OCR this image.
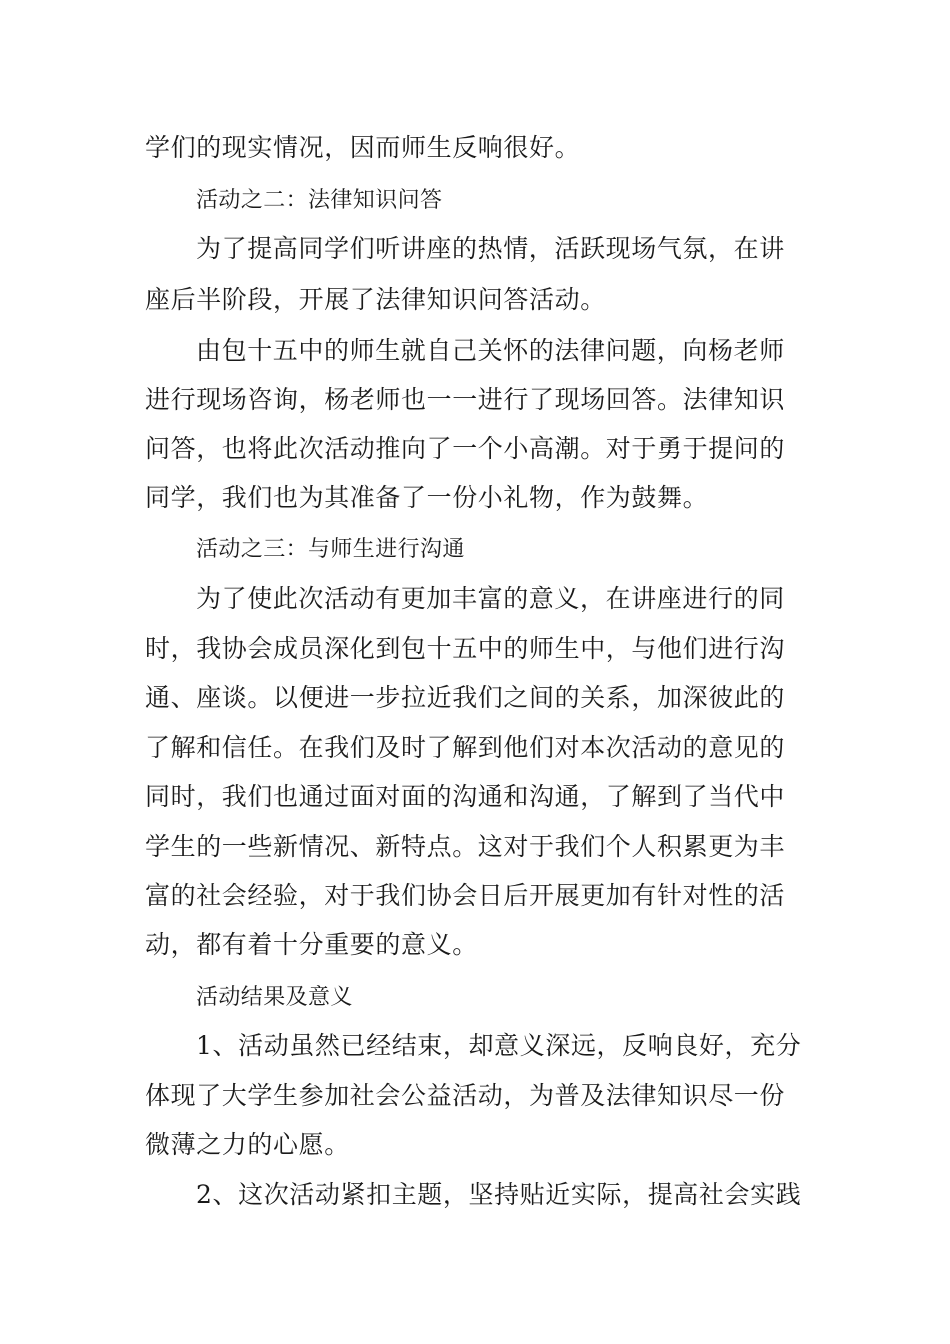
学们的现实情况，因而师生反响很好。
活动之二：法律知识问答
为了提高同学们听讲座的热情，活跃现场气氛，在讲
座后半阶段，开展了法律知识问答活动。
由包十五中的师生就自己关怀的法律问题，向杨老师
进行现场咨询，杨老师也一一进行了现场回答。法律知识
问答，也将此次活动推向了一个小高潮。对于勇于提问的
同学，我们也为其准备了一份小礼物，作为鼓舞。
活动之三：与师生进行沟通
为了使此次活动有更加丰富的意义，在讲座进行的同
时，我协会成员深化到包十五中的师生中，与他们进行沟
通、座谈。以便进一步拉近我们之间的关系，加深彼此的
了解和信任。在我们及时了解到他们对本次活动的意见的
同时，我们也通过面对面的沟通和沟通，了解到了当代中
学生的一些新情况、新特点。这对于我们个人积累更为丰
富的社会经验，对于我们协会日后开展更加有针对性的活
动，都有着十分重要的意义。
活动结果及意义
1、活动虽然已经结束，却意义深远，反响良好，充分
体现了大学生参加社会公益活动，为普及法律知识尽一份
微薄之力的心愿。
2、这次活动紧扣主题，坚持贴近实际，提高社会实践
